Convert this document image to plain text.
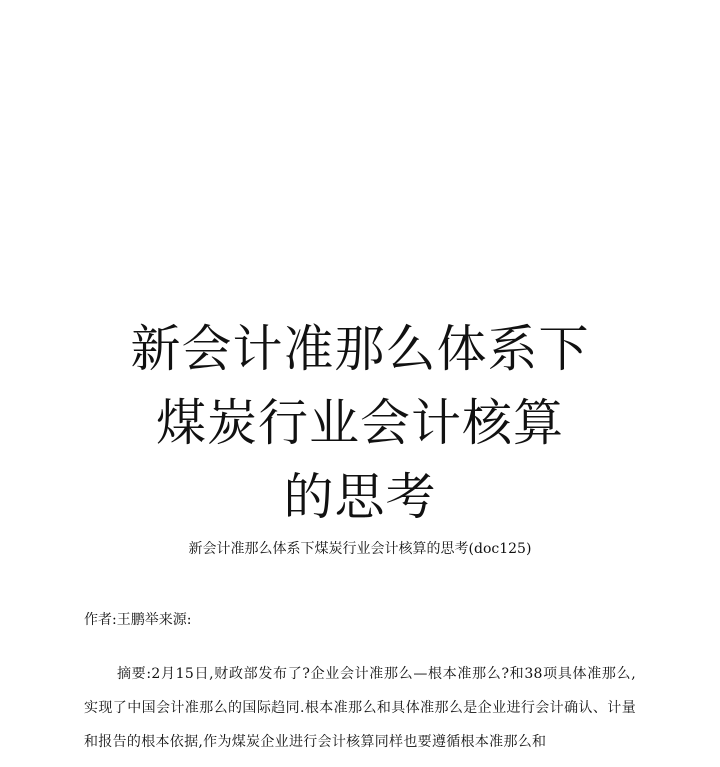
新会计准那么体系下
煤炭行业会计核算
的思考
新会计准那么体系下煤炭行业会计核算的思考(doc125)
作者:王鹏举来源:

摘要:2月15日,财政部发布了?企业会计准那么—根本准那么?和38项具体准那么,实现了中国会计准那么的国际趋同.根本准那么和具体准那么是企业进行会计确认、计量和报告的根本依据,作为煤炭企业进行会计核算同样也要遵循根本准那么和
